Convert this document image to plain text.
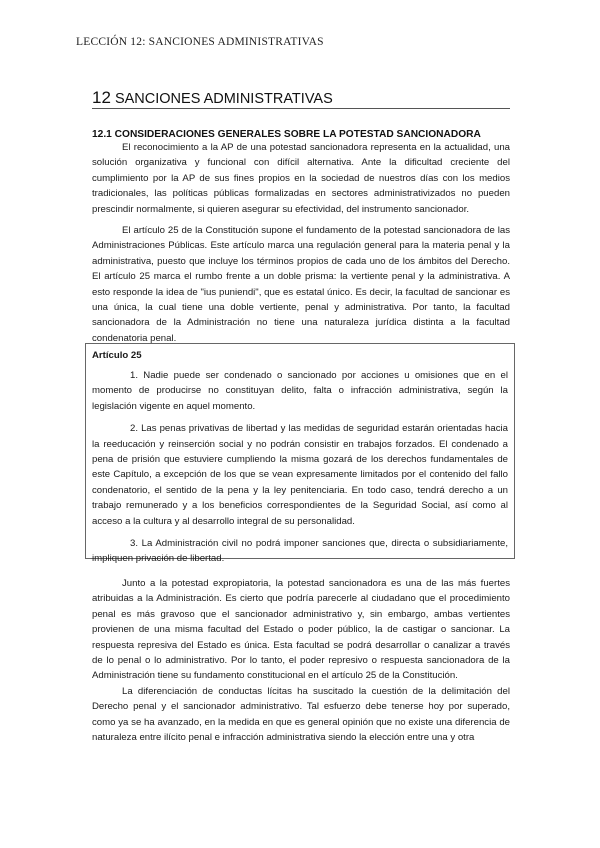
LECCIÓN 12: SANCIONES ADMINISTRATIVAS
12 SANCIONES ADMINISTRATIVAS
12.1 CONSIDERACIONES GENERALES SOBRE LA POTESTAD SANCIONADORA
El reconocimiento a la AP de una potestad sancionadora representa en la actualidad, una solución organizativa y funcional con difícil alternativa. Ante la dificultad creciente del cumplimiento por la AP de sus fines propios en la sociedad de nuestros días con los medios tradicionales, las políticas públicas formalizadas en sectores administrativizados no pueden prescindir normalmente, si quieren asegurar su efectividad, del instrumento sancionador.
El artículo 25 de la Constitución supone el fundamento de la potestad sancionadora de las Administraciones Públicas. Este artículo marca una regulación general para la materia penal y la administrativa, puesto que incluye los términos propios de cada uno de los ámbitos del Derecho. El artículo 25 marca el rumbo frente a un doble prisma: la vertiente penal y la administrativa. A esto responde la idea de "ius puniendi", que es estatal único. Es decir, la facultad de sancionar es una única, la cual tiene una doble vertiente, penal y administrativa. Por tanto, la facultad sancionadora de la Administración no tiene una naturaleza jurídica distinta a la facultad condenatoria penal.
Artículo 25

1. Nadie puede ser condenado o sancionado por acciones u omisiones que en el momento de producirse no constituyan delito, falta o infracción administrativa, según la legislación vigente en aquel momento.

2. Las penas privativas de libertad y las medidas de seguridad estarán orientadas hacia la reeducación y reinserción social y no podrán consistir en trabajos forzados. El condenado a pena de prisión que estuviere cumpliendo la misma gozará de los derechos fundamentales de este Capítulo, a excepción de los que se vean expresamente limitados por el contenido del fallo condenatorio, el sentido de la pena y la ley penitenciaria. En todo caso, tendrá derecho a un trabajo remunerado y a los beneficios correspondientes de la Seguridad Social, así como al acceso a la cultura y al desarrollo integral de su personalidad.

3. La Administración civil no podrá imponer sanciones que, directa o subsidiariamente, impliquen privación de libertad.

Junto a la potestad expropiatoria, la potestad sancionadora es una de las más fuertes atribuidas a la Administración. Es cierto que podría parecerle al ciudadano que el procedimiento penal es más gravoso que el sancionador administrativo y, sin embargo, ambas vertientes provienen de una misma facultad del Estado o poder público, la de castigar o sancionar. La respuesta represiva del Estado es única. Esta facultad se podrá desarrollar o canalizar a través de lo penal o lo administrativo. Por lo tanto, el poder represivo o respuesta sancionadora de la Administración tiene su fundamento constitucional en el artículo 25 de la Constitución.
La diferenciación de conductas lícitas ha suscitado la cuestión de la delimitación del Derecho penal y el sancionador administrativo. Tal esfuerzo debe tenerse hoy por superado, como ya se ha avanzado, en la medida en que es general opinión que no existe una diferencia de naturaleza entre ilícito penal e infracción administrativa siendo la elección entre una y otra
